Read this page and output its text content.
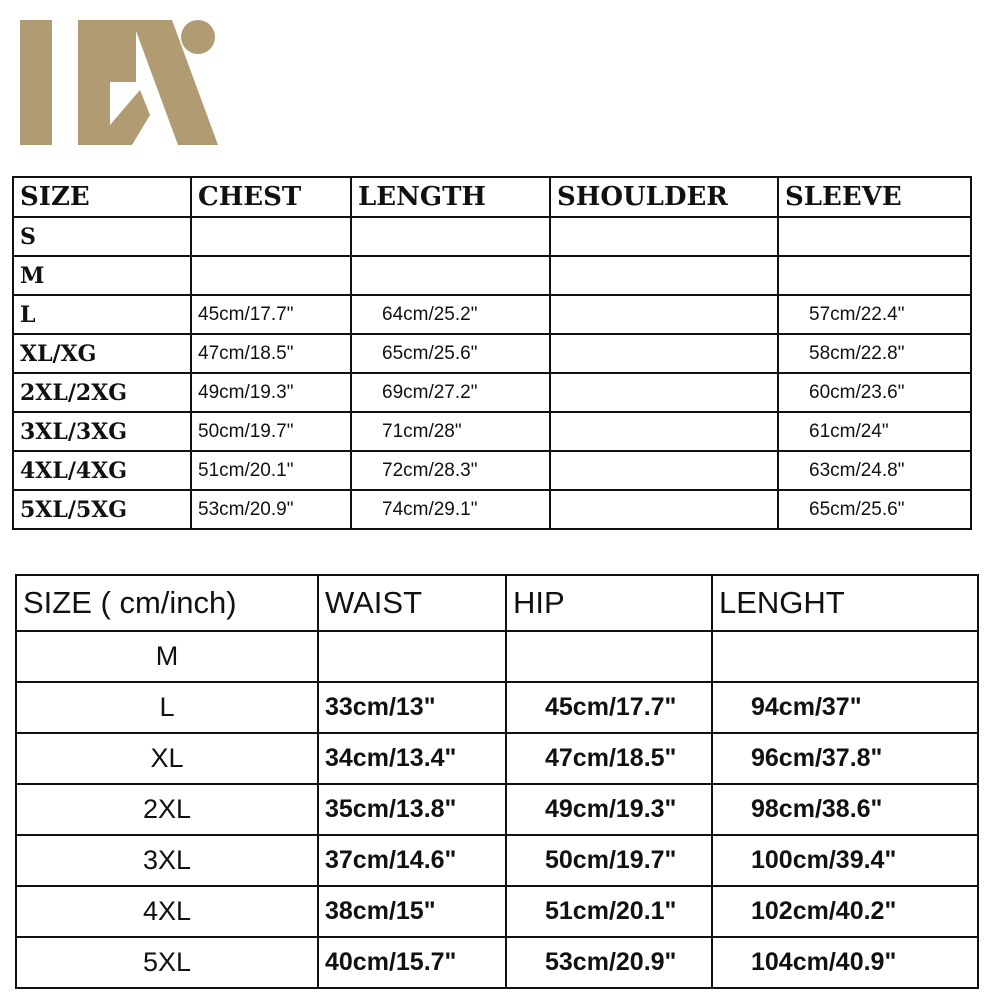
SIZE	CHEST	LENGTH	SHOULDER	SLEEVE
S				
M				
L	45cm/17.7"	64cm/25.2"		57cm/22.4"
XL/XG	47cm/18.5"	65cm/25.6"		58cm/22.8"
2XL/2XG	49cm/19.3"	69cm/27.2"		60cm/23.6"
3XL/3XG	50cm/19.7"	71cm/28"		61cm/24"
4XL/4XG	51cm/20.1"	72cm/28.3"		63cm/24.8"
5XL/5XG	53cm/20.9"	74cm/29.1"		65cm/25.6"
SIZE ( cm/inch)	WAIST	HIP	LENGHT
M			
L	33cm/13"	45cm/17.7"	94cm/37"
XL	34cm/13.4"	47cm/18.5"	96cm/37.8"
2XL	35cm/13.8"	49cm/19.3"	98cm/38.6"
3XL	37cm/14.6"	50cm/19.7"	100cm/39.4"
4XL	38cm/15"	51cm/20.1"	102cm/40.2"
5XL	40cm/15.7"	53cm/20.9"	104cm/40.9"
